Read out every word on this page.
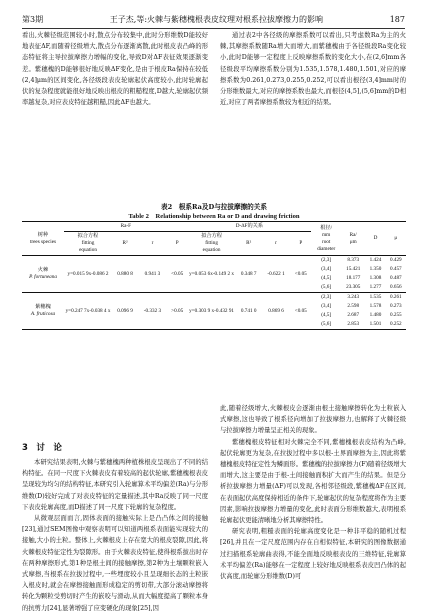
第3期	王子杰,等:火棘与紫穗槐根表皮纹理对根系拉拔摩擦力的影响	187

看出,火棘径级范围较小时,散点分布较集中,此时分形维数D能较好地表征ΔF,而随着径级增大,散点分布逐渐离散,此时根皮表凸峰的形态特征将主导拉拔摩擦力增幅的变化,导致D对ΔF表征效果逐渐变差。紫穗槐的D能够很好地反映ΔF变化,是由于根皮Ra保持在较低(2,4]μm的区间变化,各径级段表皮轮廓起伏高度较小,此时轮廓起伏的复杂程度就能很好地反映出根皮的粗糙程度,D越大,轮廓起伏频率越复杂,对应表皮特征越粗糙,因此ΔF也越大。

通过表2中各径级的摩擦系数可以看出,只考虑数Ra为主的火棘,其摩擦系数随Ra增大而增大,而紫穗槐由于各径级段Ra变化较小,此时D能够一定程度上反映摩擦系数的变化大小,在(2,6]mm各径级段平均摩擦系数分别为1.535,1.578,1.480,1.501,对应的摩擦系数为0.261,0.273,0.255,0.252,可以看出根径(3,4]mm时的分形维数最大,对应的摩擦系数也最大,而根径(4,5],(5,6]mm的D相近,对应了两者摩擦系数较为相近的结果。

表2　根系Ra及D与拉拔摩擦的关系
Table 2　Relationship between Ra or D and drawing friction
树种
trees species	Ra-F				D-ΔF的关系				根径/
mm
root
diameter	Ra/
μm	D	μ
	拟合方程
fitting
equation	R²	r	P	拟合方程
fitting
equation	R²	r	P				
火棘
P. fortuneana	y=0.015 9x-0.086 2	0.880 8	0.941 3	<0.05	y=0.053 6x-0.149 2 x	0.348 7	-0.622 1	<0.05	(2,3]	8.373	1.424	0.429
									(3,4]	15.421	1.350	0.457
									(4,5]	18.177	1.308	0.487
									(5,6]	23.305	1.277	0.656
紫穗槐
A. fruticosa	y=0.247 7x-0.038 4 x	0.096 9	-0.332 3	>0.05	y=0.303 9 x-0.432 91	0.741 0	0.869 6	<0.05	(2,3]	3.243	1.535	0.261
									(3,4]	2.598	1.578	0.273
									(4,5]	2.687	1.480	0.255
									(5,6]	2.853	1.501	0.252
3　讨　论

本研究结果表明,火棘与紫穗槐两种植株根皮呈现出了不同的结构特征。在同一尺度下火棘表皮有着较高的起伏轮廓,紫穗槐根表皮呈现较为均匀的结构特征,本研究引入轮廓算术平均偏差(Ra)与分形维数(D)较好完成了对表皮特征的定量描述,其中Ra反映了同一尺度下表皮轮廓高度,而D描述了同一尺度下轮廓的复杂程度。

从微观层面而言,固体表面的接触实际上是凸凸体之间的接触[23],通过SEM图像中观察表明可以知道两根系表面能实现较大的接触,大小的土粒。整体上,火棘根皮上存在宽大的根皮裂隙,因此,将火棘根皮特征定性为裂隙形。由于火棘表皮特征,使得根系拔出时存在两种摩擦形式,第1种是根土间的接触摩擦,第2种为土壤颗粒嵌入式摩擦,当根系在拉拔过程中,一些埋度较小且呈现细长态的土粒嵌入根皮时,就会在摩擦接触面形成稳定的剪切带,大部分滚动摩擦将转化为颗粒受剪切时产生的嵌咬与滑动,从而大幅度提高了颗粒本身的抗剪力[24],显著增强了应变硬化的现象[25],因

此,随着径级增大,火棘根皮会逐渐由根土接触摩擦转化为土粒嵌入式摩擦,这也导致了根系径向增加了拉拔摩擦力,也解释了火棘径级与拉拔摩擦力增量呈正相关的现象。

紫穗槐根皮特征相对火棘完全不同,紫穗槐根表皮结构为凸峰,起伏轮廓更为复杂,在拉拔过程中多以根-土界面摩擦为主,因此将紫穗槐根皮特征定性为鳞面形。紫穗槐的拉拔摩擦力(F)随着径级增大而增大,这主要是由于根-土间接触面积扩大而产生的结果。但是分析拉拔摩擦力增量(ΔF)可以发现,各相邻径级段,紫穗槐ΔF在区间,在表面起伏高度保持相近的条件下,轮廓起伏的复杂程度将作为主要因素,影响拉拔摩擦力增量的变化,此时表面分形维数越大,表明根系轮廓起伏更能清晰地分析其摩擦特性。

研究表明,粗糙表面的轮廓高度变化是一种非平稳的随机过程[26],并且在一定尺度范围内存在自相似特征,本研究的图像数据通过扫描根系轮廓曲表得,不能全面地反映根表皮的三维特征,轮廓算术平均偏差(Ra)能够在一定程度上较好地反映根系表皮凹凸体的起伏高度,而轮廓分形维数(D)可
